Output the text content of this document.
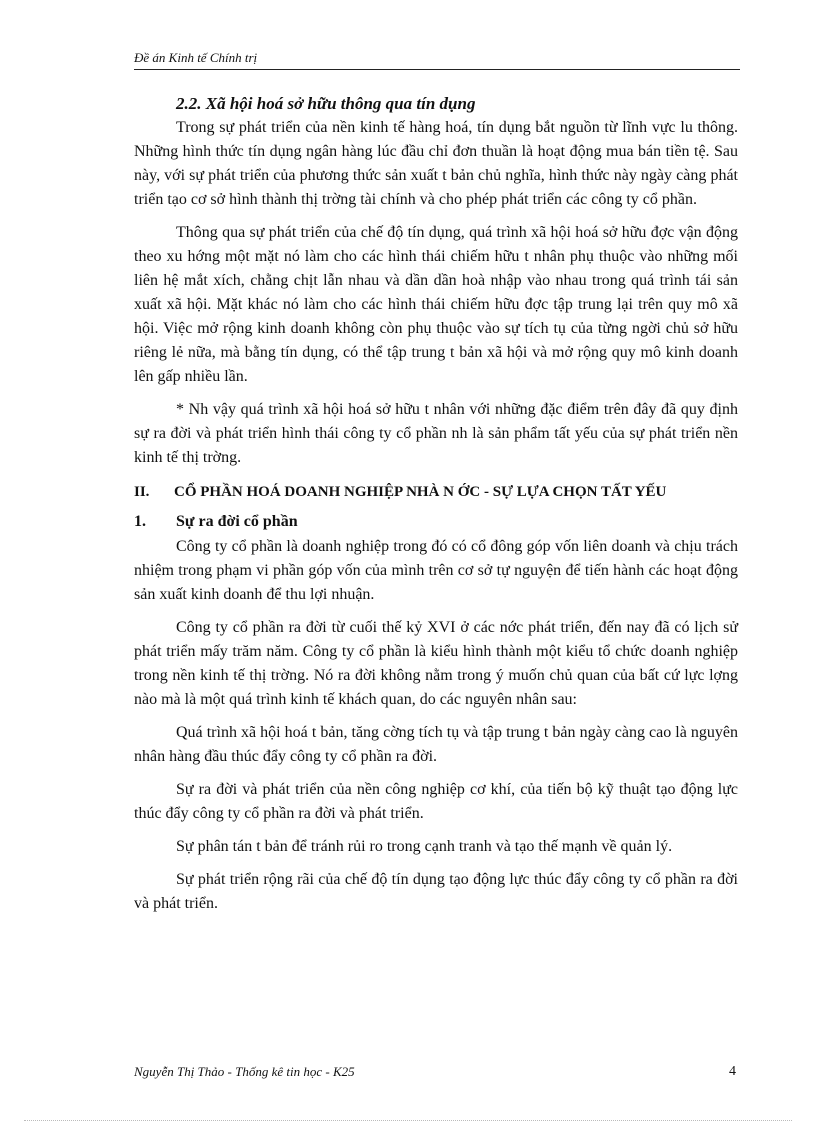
Đề án Kinh tế Chính trị
2.2. Xã hội hoá sở hữu thông qua tín dụng

Trong sự phát triển của nền kinh tế hàng hoá, tín dụng bắt nguồn từ lĩnh vực lu thông. Những hình thức tín dụng ngân hàng lúc đầu chỉ đơn thuần là hoạt động mua bán tiền tệ. Sau này, với sự phát triển của phương thức sản xuất t bản chủ nghĩa, hình thức này ngày càng phát triển tạo cơ sở hình thành thị trờng tài chính và cho phép phát triển các công ty cổ phần.

Thông qua sự phát triển của chế độ tín dụng, quá trình xã hội hoá sở hữu đợc vận động theo xu hớng một mặt nó làm cho các hình thái chiếm hữu t nhân phụ thuộc vào những mối liên hệ mắt xích, chằng chịt lẫn nhau và dần dần hoà nhập vào nhau trong quá trình tái sản xuất xã hội. Mặt khác nó làm cho các hình thái chiếm hữu đợc tập trung lại trên quy mô xã hội. Việc mở rộng kinh doanh không còn phụ thuộc vào sự tích tụ của từng ngời chủ sở hữu riêng lẻ nữa, mà bằng tín dụng, có thể tập trung t bản xã hội và mở rộng quy mô kinh doanh lên gấp nhiều lần.

* Nh vậy quá trình xã hội hoá sở hữu t nhân với những đặc điểm trên đây đã quy định sự ra đời và phát triển hình thái công ty cổ phần nh là sản phẩm tất yếu của sự phát triển nền kinh tế thị trờng.

II.	CỔ PHẦN HOÁ DOANH NGHIỆP NHÀ N ỚC - SỰ LỰA CHỌN TẤT YẾU
1.	Sự ra đời cổ phần

Công ty cổ phần là doanh nghiệp trong đó có cổ đông góp vốn liên doanh và chịu trách nhiệm trong phạm vi phần góp vốn của mình trên cơ sở tự nguyện để tiến hành các hoạt động sản xuất kinh doanh để thu lợi nhuận.

Công ty cổ phần ra đời từ cuối thế kỷ XVI ở các nớc phát triển, đến nay đã có lịch sử phát triển mấy trăm năm. Công ty cổ phần là kiểu hình thành một kiểu tổ chức doanh nghiệp trong nền kinh tế thị trờng. Nó ra đời không nằm trong ý muốn chủ quan của bất cứ lực lợng nào mà là một quá trình kinh tế khách quan, do các nguyên nhân sau:

Quá trình xã hội hoá t bản, tăng cờng tích tụ và tập trung t bản ngày càng cao là nguyên nhân hàng đầu thúc đẩy công ty cổ phần ra đời.

Sự ra đời và phát triển của nền công nghiệp cơ khí, của tiến bộ kỹ thuật tạo động lực thúc đẩy công ty cổ phần ra đời và phát triển.

Sự phân tán t bản để tránh rủi ro trong cạnh tranh và tạo thế mạnh về quản lý.

Sự phát triển rộng rãi của chế độ tín dụng tạo động lực thúc đẩy công ty cổ phần ra đời và phát triển.

Nguyễn Thị Thảo - Thống kê tin học - K25	4
